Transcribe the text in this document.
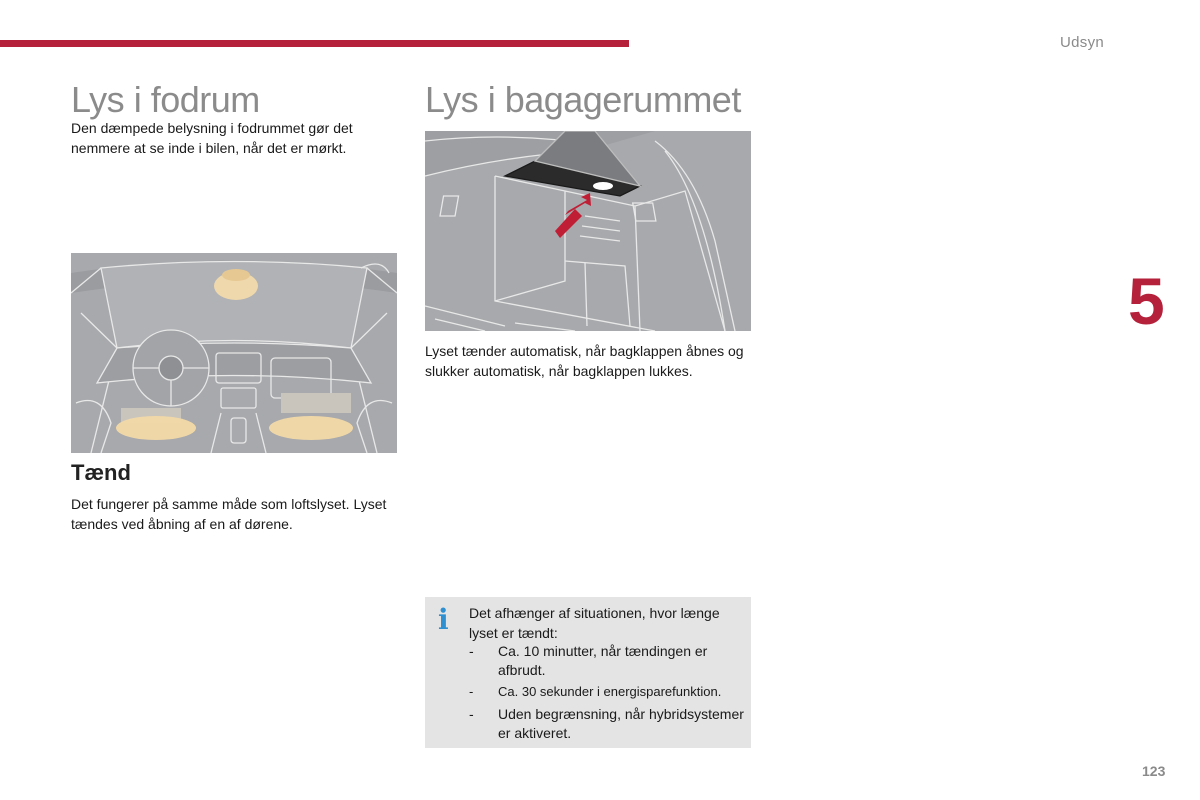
Udsyn
5
Lys i fodrum
Den dæmpede belysning i fodrummet gør det nemmere at se inde i bilen, når det er mørkt.
Tænd
Det fungerer på samme måde som loftslyset. Lyset tændes ved åbning af en af dørene.
Lys i bagagerummet
Lyset tænder automatisk, når bagklappen åbnes og slukker automatisk, når bagklappen lukkes.
i Det afhænger af situationen, hvor længe lyset er tændt:
- Ca. 10 minutter, når tændingen er afbrudt.
- Ca. 30 sekunder i energisparefunktion.
- Uden begrænsning, når hybridsystemer er aktiveret.
123
